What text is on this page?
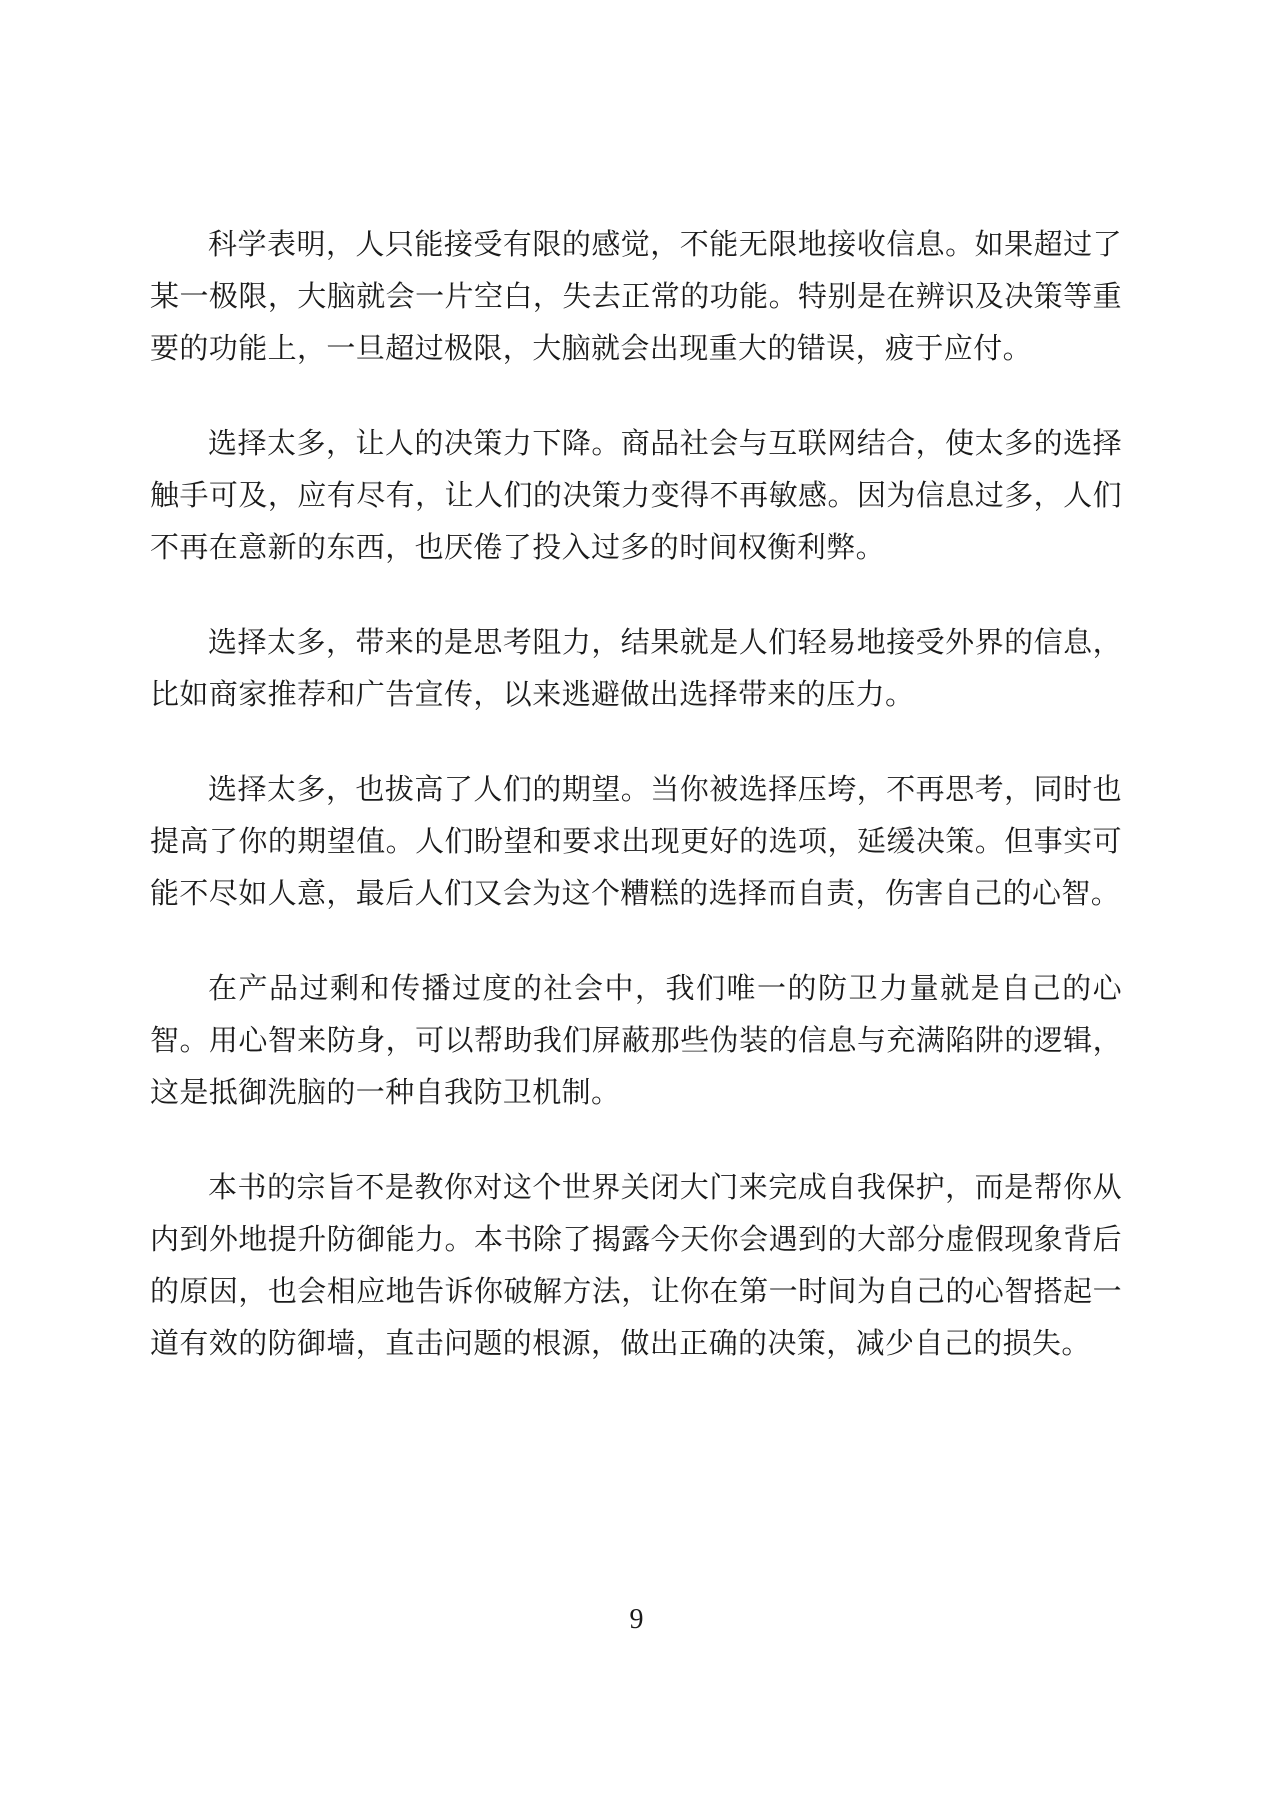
科学表明，人只能接受有限的感觉，不能无限地接收信息。如果超过了某一极限，大脑就会一片空白，失去正常的功能。特别是在辨识及决策等重要的功能上，一旦超过极限，大脑就会出现重大的错误，疲于应付。

选择太多，让人的决策力下降。商品社会与互联网结合，使太多的选择触手可及，应有尽有，让人们的决策力变得不再敏感。因为信息过多，人们不再在意新的东西，也厌倦了投入过多的时间权衡利弊。

选择太多，带来的是思考阻力，结果就是人们轻易地接受外界的信息，比如商家推荐和广告宣传，以来逃避做出选择带来的压力。

选择太多，也拔高了人们的期望。当你被选择压垮，不再思考，同时也提高了你的期望值。人们盼望和要求出现更好的选项，延缓决策。但事实可能不尽如人意，最后人们又会为这个糟糕的选择而自责，伤害自己的心智。

在产品过剩和传播过度的社会中，我们唯一的防卫力量就是自己的心智。用心智来防身，可以帮助我们屏蔽那些伪装的信息与充满陷阱的逻辑，这是抵御洗脑的一种自我防卫机制。

本书的宗旨不是教你对这个世界关闭大门来完成自我保护，而是帮你从内到外地提升防御能力。本书除了揭露今天你会遇到的大部分虚假现象背后的原因，也会相应地告诉你破解方法，让你在第一时间为自己的心智搭起一道有效的防御墙，直击问题的根源，做出正确的决策，减少自己的损失。

9
